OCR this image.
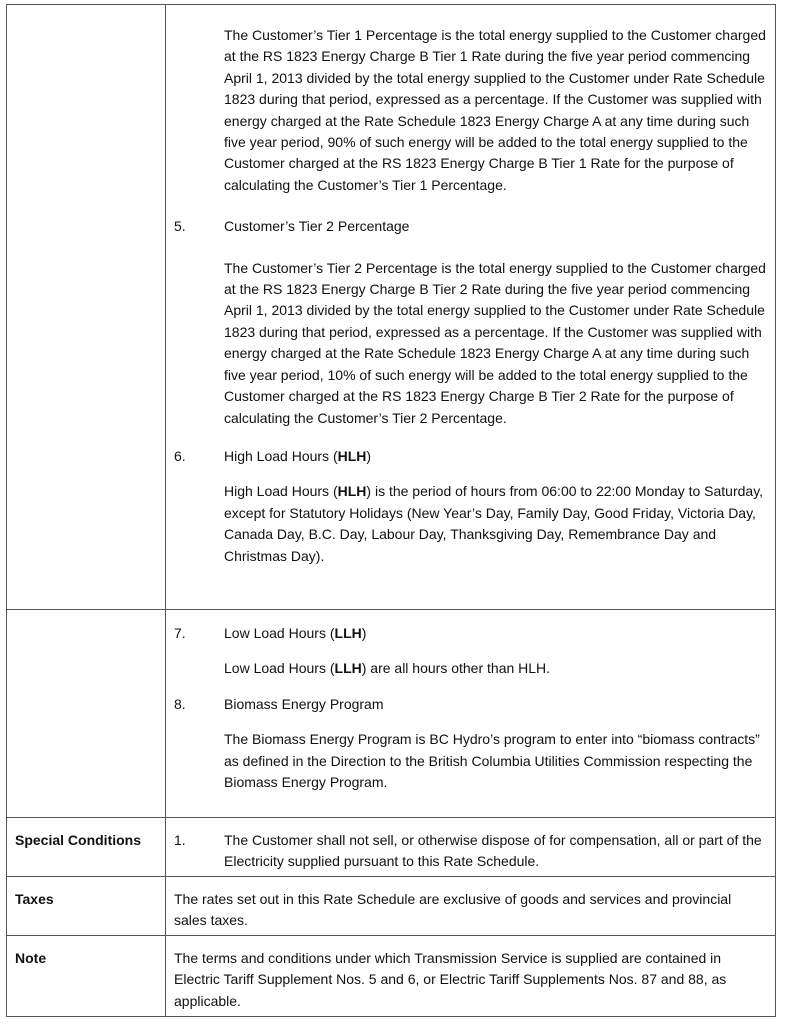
The Customer’s Tier 1 Percentage is the total energy supplied to the Customer charged at the RS 1823 Energy Charge B Tier 1 Rate during the five year period commencing April 1, 2013 divided by the total energy supplied to the Customer under Rate Schedule 1823 during that period, expressed as a percentage. If the Customer was supplied with energy charged at the Rate Schedule 1823 Energy Charge A at any time during such five year period, 90% of such energy will be added to the total energy supplied to the Customer charged at the RS 1823 Energy Charge B Tier 1 Rate for the purpose of calculating the Customer’s Tier 1 Percentage.

5.	Customer’s Tier 2 Percentage

The Customer’s Tier 2 Percentage is the total energy supplied to the Customer charged at the RS 1823 Energy Charge B Tier 2 Rate during the five year period commencing April 1, 2013 divided by the total energy supplied to the Customer under Rate Schedule 1823 during that period, expressed as a percentage. If the Customer was supplied with energy charged at the Rate Schedule 1823 Energy Charge A at any time during such five year period, 10% of such energy will be added to the total energy supplied to the Customer charged at the RS 1823 Energy Charge B Tier 2 Rate for the purpose of calculating the Customer’s Tier 2 Percentage.

6.	High Load Hours (HLH)

High Load Hours (HLH) is the period of hours from 06:00 to 22:00 Monday to Saturday, except for Statutory Holidays (New Year’s Day, Family Day, Good Friday, Victoria Day, Canada Day, B.C. Day, Labour Day, Thanksgiving Day, Remembrance Day and Christmas Day).

7.	Low Load Hours (LLH)

Low Load Hours (LLH) are all hours other than HLH.

8.	Biomass Energy Program

The Biomass Energy Program is BC Hydro’s program to enter into “biomass contracts” as defined in the Direction to the British Columbia Utilities Commission respecting the Biomass Energy Program.

Special Conditions	1.	The Customer shall not sell, or otherwise dispose of for compensation, all or part of the Electricity supplied pursuant to this Rate Schedule.
Taxes	The rates set out in this Rate Schedule are exclusive of goods and services and provincial sales taxes.
Note	The terms and conditions under which Transmission Service is supplied are contained in Electric Tariff Supplement Nos. 5 and 6, or Electric Tariff Supplements Nos. 87 and 88, as applicable.
